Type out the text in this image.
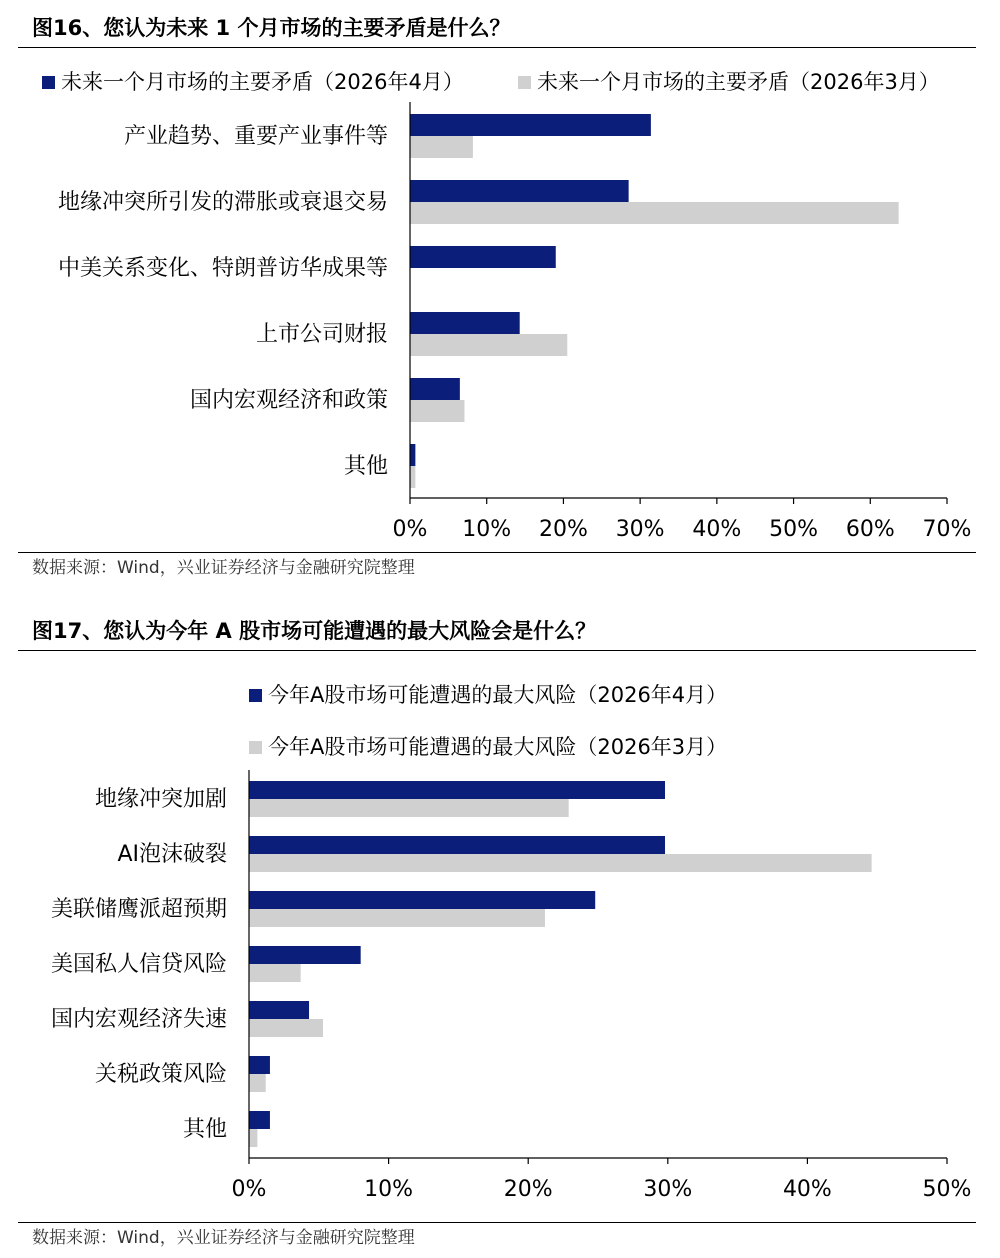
图16、您认为未来 1 个月市场的主要矛盾是什么？
未来一个月市场的主要矛盾（2026年4月）	未来一个月市场的主要矛盾（2026年3月）
产业趋势、重要产业事件等
地缘冲突所引发的滞胀或衰退交易
中美关系变化、特朗普访华成果等
上市公司财报
国内宏观经济和政策
其他
0% 10% 20% 30% 40% 50% 60% 70%
数据来源：Wind，兴业证券经济与金融研究院整理
图17、您认为今年 A 股市场可能遭遇的最大风险会是什么？
今年A股市场可能遭遇的最大风险（2026年4月）
今年A股市场可能遭遇的最大风险（2026年3月）
地缘冲突加剧
AI泡沫破裂
美联储鹰派超预期
美国私人信贷风险
国内宏观经济失速
关税政策风险
其他
0%	10%	20%	30%	40%	50%
数据来源：Wind，兴业证券经济与金融研究院整理
